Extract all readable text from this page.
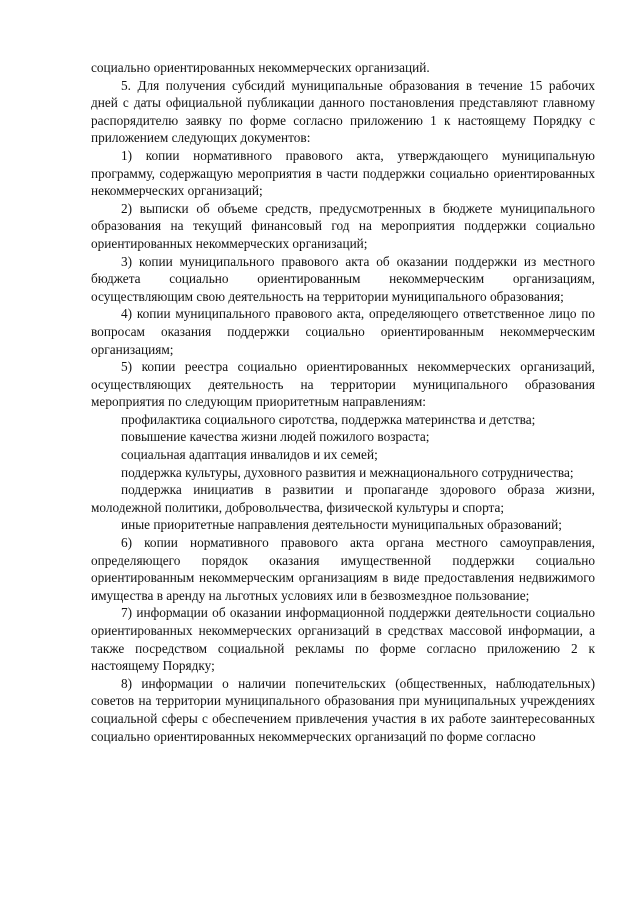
социально ориентированных некоммерческих организаций.

5. Для получения субсидий муниципальные образования в течение 15 рабочих дней с даты официальной публикации данного постановления представляют главному распорядителю заявку по форме согласно приложению 1 к настоящему Порядку с приложением следующих документов:

1) копии нормативного правового акта, утверждающего муниципальную программу, содержащую мероприятия в части поддержки социально ориентированных некоммерческих организаций;

2) выписки об объеме средств, предусмотренных в бюджете муниципального образования на текущий финансовый год на мероприятия поддержки социально ориентированных некоммерческих организаций;

3) копии муниципального правового акта об оказании поддержки из местного бюджета социально ориентированным некоммерческим организациям, осуществляющим свою деятельность на территории муниципального образования;

4) копии муниципального правового акта, определяющего ответственное лицо по вопросам оказания поддержки социально ориентированным некоммерческим организациям;

5) копии реестра социально ориентированных некоммерческих организаций, осуществляющих деятельность на территории муниципального образования мероприятия по следующим приоритетным направлениям:

профилактика социального сиротства, поддержка материнства и детства;

повышение качества жизни людей пожилого возраста;

социальная адаптация инвалидов и их семей;

поддержка культуры, духовного развития и межнационального сотрудничества;

поддержка инициатив в развитии и пропаганде здорового образа жизни, молодежной политики, добровольчества, физической культуры и спорта;

иные приоритетные направления деятельности муниципальных образований;

6) копии нормативного правового акта органа местного самоуправления, определяющего порядок оказания имущественной поддержки социально ориентированным некоммерческим организациям в виде предоставления недвижимого имущества в аренду на льготных условиях или в безвозмездное пользование;

7) информации об оказании информационной поддержки деятельности социально ориентированных некоммерческих организаций в средствах массовой информации, а также посредством социальной рекламы по форме согласно приложению 2 к настоящему Порядку;

8) информации о наличии попечительских (общественных, наблюдательных) советов на территории муниципального образования при муниципальных учреждениях социальной сферы с обеспечением привлечения участия в их работе заинтересованных социально ориентированных некоммерческих организаций по форме согласно
